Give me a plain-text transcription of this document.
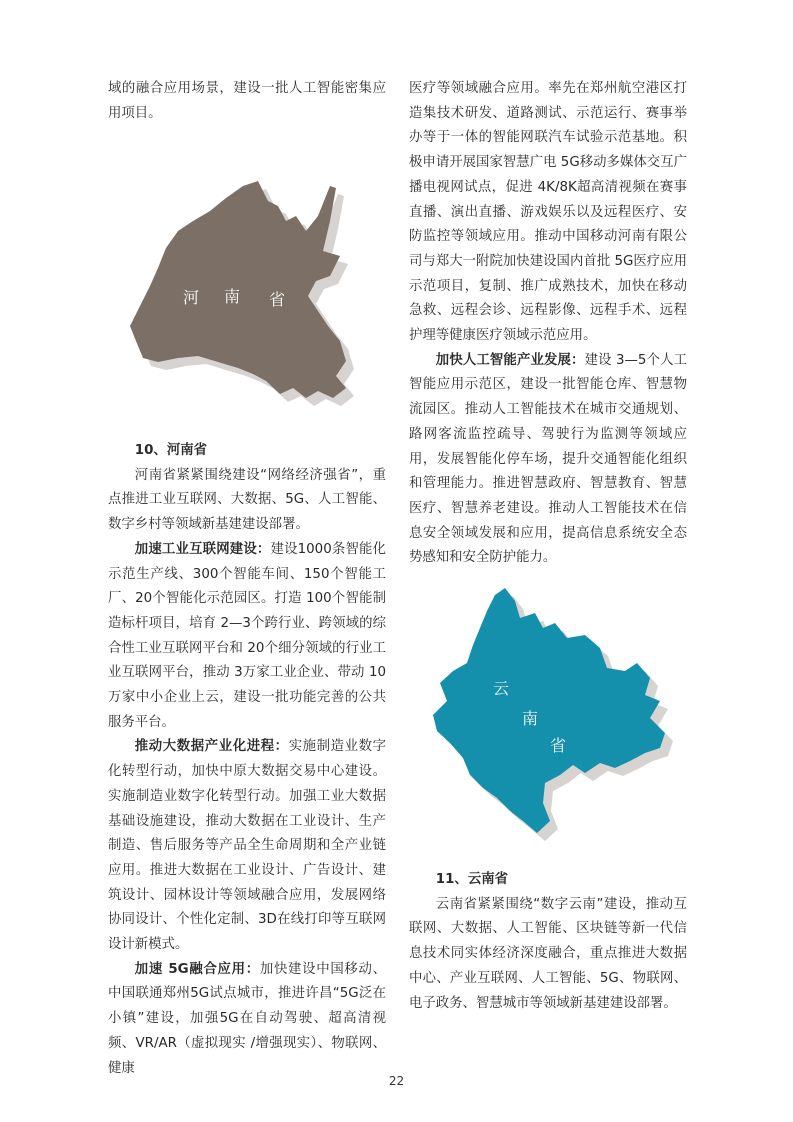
域的融合应用场景，建设一批人工智能密集应用项目。

河 南 省

10、河南省

河南省紧紧围绕建设“网络经济强省”，重点推进工业互联网、大数据、5G、人工智能、数字乡村等领域新基建建设部署。

加速工业互联网建设：建设1000条智能化示范生产线、300个智能车间、150个智能工厂、20个智能化示范园区。打造 100个智能制造标杆项目，培育 2—3个跨行业、跨领域的综合性工业互联网平台和 20个细分领域的行业工业互联网平台，推动 3万家工业企业、带动 10万家中小企业上云，建设一批功能完善的公共服务平台。

推动大数据产业化进程：实施制造业数字化转型行动，加快中原大数据交易中心建设。实施制造业数字化转型行动。加强工业大数据基础设施建设，推动大数据在工业设计、生产制造、售后服务等产品全生命周期和全产业链应用。推进大数据在工业设计、广告设计、建筑设计、园林设计等领域融合应用，发展网络协同设计、个性化定制、3D在线打印等互联网设计新模式。

加速 5G融合应用：加快建设中国移动、中国联通郑州5G试点城市，推进许昌“5G泛在小镇”建设，加强5G在自动驾驶、超高清视频、VR/AR（虚拟现实 /增强现实）、物联网、健康

医疗等领域融合应用。率先在郑州航空港区打造集技术研发、道路测试、示范运行、赛事举办等于一体的智能网联汽车试验示范基地。积极申请开展国家智慧广电 5G移动多媒体交互广播电视网试点，促进 4K/8K超高清视频在赛事直播、演出直播、游戏娱乐以及远程医疗、安防监控等领域应用。推动中国移动河南有限公司与郑大一附院加快建设国内首批 5G医疗应用示范项目，复制、推广成熟技术，加快在移动急救、远程会诊、远程影像、远程手术、远程护理等健康医疗领域示范应用。

加快人工智能产业发展：建设 3—5个人工智能应用示范区，建设一批智能仓库、智慧物流园区。推动人工智能技术在城市交通规划、路网客流监控疏导、驾驶行为监测等领域应用，发展智能化停车场，提升交通智能化组织和管理能力。推进智慧政府、智慧教育、智慧医疗、智慧养老建设。推动人工智能技术在信息安全领域发展和应用，提高信息系统安全态势感知和安全防护能力。

云
南
省

11、云南省

云南省紧紧围绕“数字云南”建设，推动互联网、大数据、人工智能、区块链等新一代信息技术同实体经济深度融合，重点推进大数据中心、产业互联网、人工智能、5G、物联网、电子政务、智慧城市等领域新基建建设部署。

22
